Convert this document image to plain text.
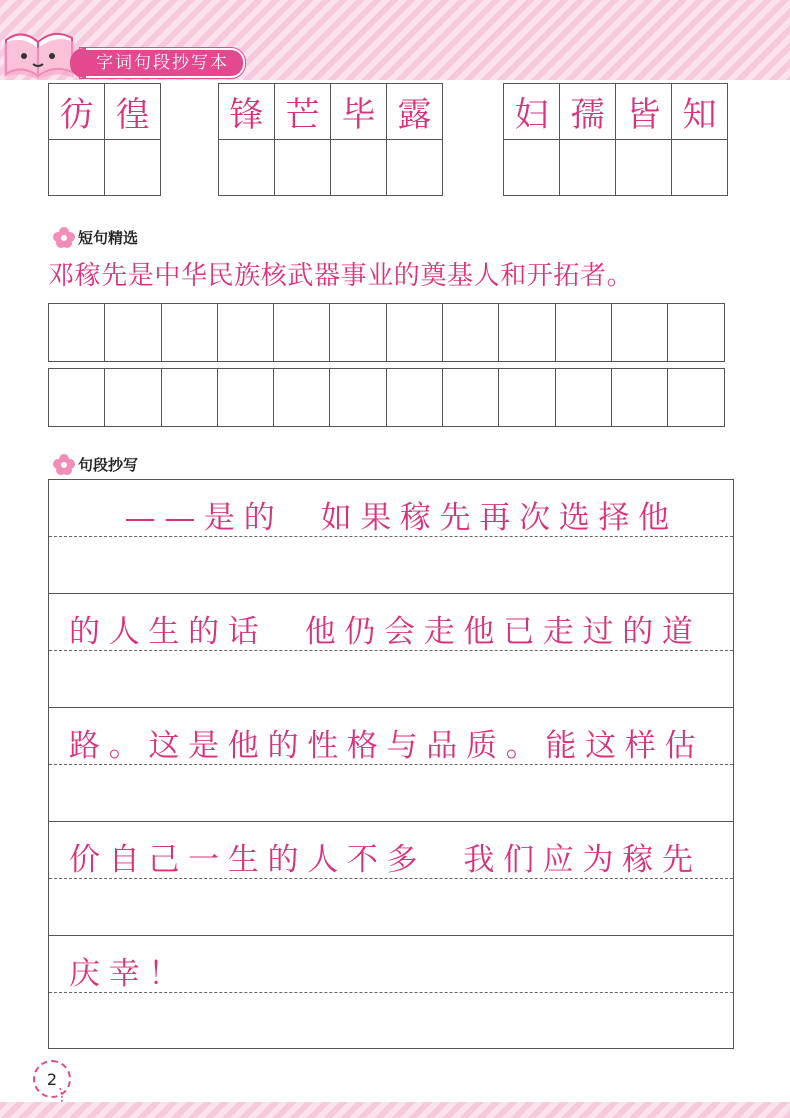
字词句段抄写本
彷 徨	锋 芒 毕 露	妇 孺 皆 知
短句精选
邓稼先是中华民族核武器事业的奠基人和开拓者。
句段抄写
——是的  如果稼先再次选择他
的人生的话  他仍会走他已走过的道
路。这是他的性格与品质。能这样估
价自己一生的人不多  我们应为稼先
庆幸！
2
